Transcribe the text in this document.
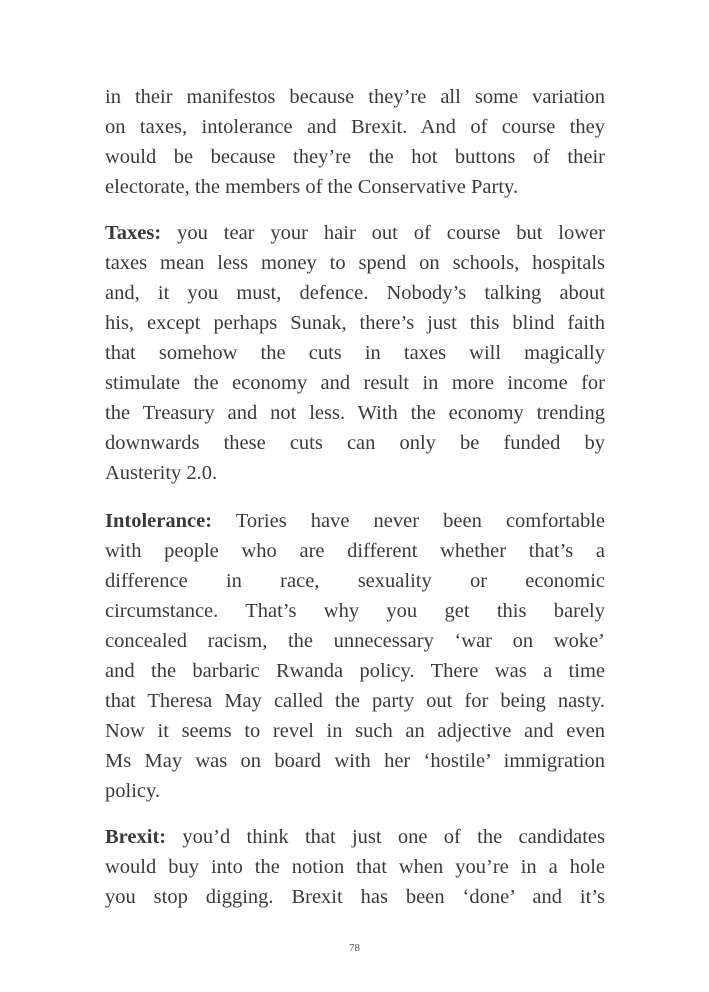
in their manifestos because they’re all some variation
on taxes, intolerance and Brexit. And of course they
would be because they’re the hot buttons of their
electorate, the members of the Conservative Party.
Taxes: you tear your hair out of course but lower
taxes mean less money to spend on schools, hospitals
and, it you must, defence. Nobody’s talking about
his, except perhaps Sunak, there’s just this blind faith
that somehow the cuts in taxes will magically
stimulate the economy and result in more income for
the Treasury and not less. With the economy trending
downwards these cuts can only be funded by
Austerity 2.0.
Intolerance: Tories have never been comfortable
with people who are different whether that’s a
difference in race, sexuality or economic
circumstance. That’s why you get this barely
concealed racism, the unnecessary ‘war on woke’
and the barbaric Rwanda policy. There was a time
that Theresa May called the party out for being nasty.
Now it seems to revel in such an adjective and even
Ms May was on board with her ‘hostile’ immigration
policy.
Brexit: you’d think that just one of the candidates
would buy into the notion that when you’re in a hole
you stop digging. Brexit has been ‘done’ and it’s
78
